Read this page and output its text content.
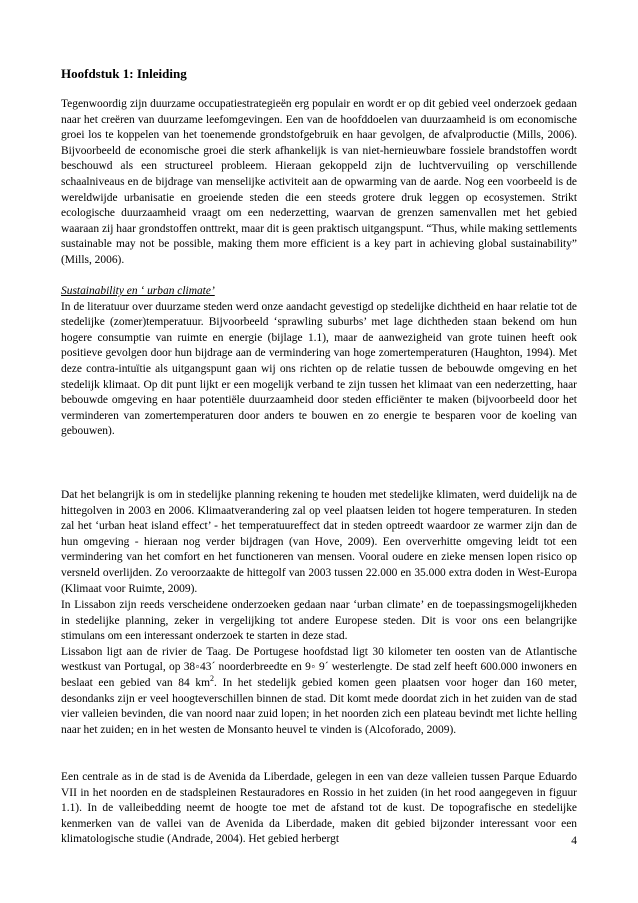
Hoofdstuk 1: Inleiding

Tegenwoordig zijn duurzame occupatiestrategieën erg populair en wordt er op dit gebied veel onderzoek gedaan naar het creëren van duurzame leefomgevingen. Een van de hoofddoelen van duurzaamheid is om economische groei los te koppelen van het toenemende grondstofgebruik en haar gevolgen, de afvalproductie (Mills, 2006). Bijvoorbeeld de economische groei die sterk afhankelijk is van niet-hernieuwbare fossiele brandstoffen wordt beschouwd als een structureel probleem. Hieraan gekoppeld zijn de luchtvervuiling op verschillende schaalniveaus en de bijdrage van menselijke activiteit aan de opwarming van de aarde. Nog een voorbeeld is de wereldwijde urbanisatie en groeiende steden die een steeds grotere druk leggen op ecosystemen. Strikt ecologische duurzaamheid vraagt om een nederzetting, waarvan de grenzen samenvallen met het gebied waaraan zij haar grondstoffen onttrekt, maar dit is geen praktisch uitgangspunt. “Thus, while making settlements sustainable may not be possible, making them more efficient is a key part in achieving global sustainability” (Mills, 2006).

Sustainability en ‘ urban climate’

In de literatuur over duurzame steden werd onze aandacht gevestigd op stedelijke dichtheid en haar relatie tot de stedelijke (zomer)temperatuur. Bijvoorbeeld ‘sprawling suburbs’ met lage dichtheden staan bekend om hun hogere consumptie van ruimte en energie (bijlage 1.1), maar de aanwezigheid van grote tuinen heeft ook positieve gevolgen door hun bijdrage aan de vermindering van hoge zomertemperaturen (Haughton, 1994). Met deze contra-intuïtie als uitgangspunt gaan wij ons richten op de relatie tussen de bebouwde omgeving en het stedelijk klimaat. Op dit punt lijkt er een mogelijk verband te zijn tussen het klimaat van een nederzetting, haar bebouwde omgeving en haar potentiële duurzaamheid door steden efficiënter te maken (bijvoorbeeld door het verminderen van zomertemperaturen door anders te bouwen en zo energie te besparen voor de koeling van gebouwen).

Dat het belangrijk is om in stedelijke planning rekening te houden met stedelijke klimaten, werd duidelijk na de hittegolven in 2003 en 2006. Klimaatverandering zal op veel plaatsen leiden tot hogere temperaturen. In steden zal het ‘urban heat island effect’ - het temperatuureffect dat in steden optreedt waardoor ze warmer zijn dan de hun omgeving - hieraan nog verder bijdragen (van Hove, 2009). Een oververhitte omgeving leidt tot een vermindering van het comfort en het functioneren van mensen. Vooral oudere en zieke mensen lopen risico op versneld overlijden. Zo veroorzaakte de hittegolf van 2003 tussen 22.000 en 35.000 extra doden in West-Europa (Klimaat voor Ruimte, 2009).

In Lissabon zijn reeds verscheidene onderzoeken gedaan naar ‘urban climate’ en de toepassingsmogelijkheden in stedelijke planning, zeker in vergelijking tot andere Europese steden. Dit is voor ons een belangrijke stimulans om een interessant onderzoek te starten in deze stad.

Lissabon ligt aan de rivier de Taag. De Portugese hoofdstad ligt 30 kilometer ten oosten van de Atlantische westkust van Portugal, op 38◦43´ noorderbreedte en 9◦ 9´ westerlengte. De stad zelf heeft 600.000 inwoners en beslaat een gebied van 84 $km^2$. In het stedelijk gebied komen geen plaatsen voor hoger dan 160 meter, desondanks zijn er veel hoogteverschillen binnen de stad. Dit komt mede doordat zich in het zuiden van de stad vier valleien bevinden, die van noord naar zuid lopen; in het noorden zich een plateau bevindt met lichte helling naar het zuiden; en in het westen de Monsanto heuvel te vinden is (Alcoforado, 2009).

Een centrale as in de stad is de Avenida da Liberdade, gelegen in een van deze valleien tussen Parque Eduardo VII in het noorden en de stadspleinen Restauradores en Rossio in het zuiden (in het rood aangegeven in figuur 1.1). In de valleibedding neemt de hoogte toe met de afstand tot de kust. De topografische en stedelijke kenmerken van de vallei van de Avenida da Liberdade, maken dit gebied bijzonder interessant voor een klimatologische studie (Andrade, 2004). Het gebied herbergt	4
